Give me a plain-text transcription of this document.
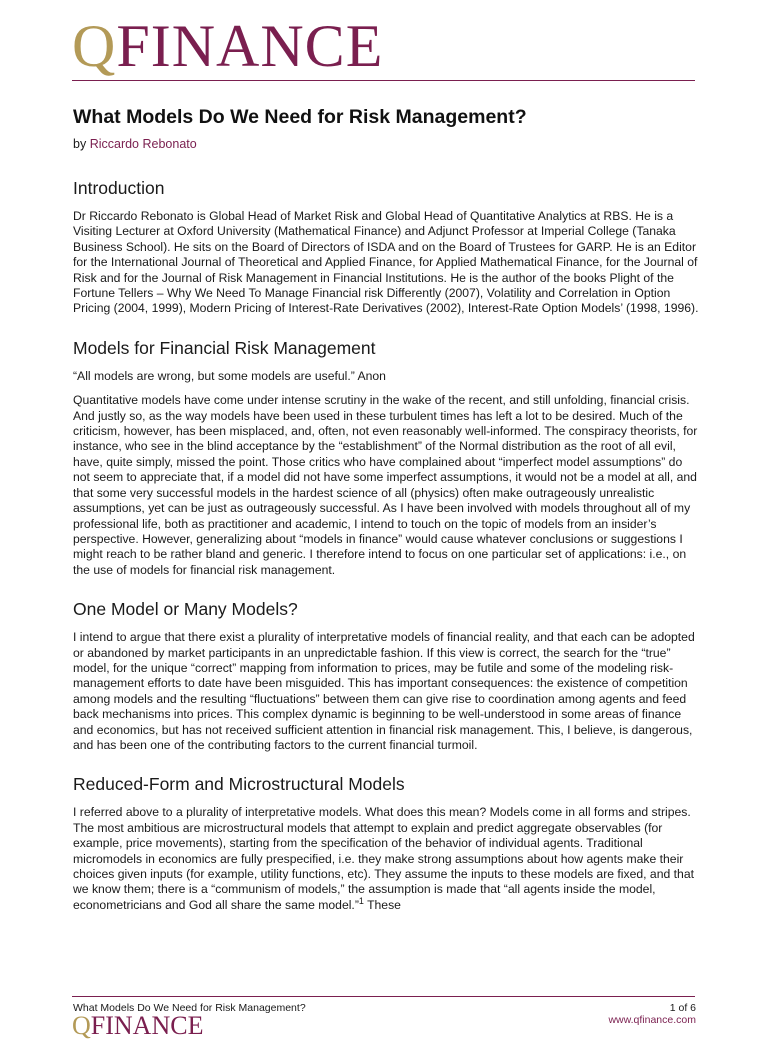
QFINANCE
What Models Do We Need for Risk Management?
by Riccardo Rebonato
Introduction

Dr Riccardo Rebonato is Global Head of Market Risk and Global Head of Quantitative Analytics at RBS. He is a Visiting Lecturer at Oxford University (Mathematical Finance) and Adjunct Professor at Imperial College (Tanaka Business School). He sits on the Board of Directors of ISDA and on the Board of Trustees for GARP. He is an Editor for the International Journal of Theoretical and Applied Finance, for Applied Mathematical Finance, for the Journal of Risk and for the Journal of Risk Management in Financial Institutions. He is the author of the books Plight of the Fortune Tellers – Why We Need To Manage Financial risk Differently (2007), Volatility and Correlation in Option Pricing (2004, 1999), Modern Pricing of Interest-Rate Derivatives (2002), Interest-Rate Option Models’ (1998, 1996).

Models for Financial Risk Management

“All models are wrong, but some models are useful.” Anon

Quantitative models have come under intense scrutiny in the wake of the recent, and still unfolding, financial crisis. And justly so, as the way models have been used in these turbulent times has left a lot to be desired. Much of the criticism, however, has been misplaced, and, often, not even reasonably well-informed. The conspiracy theorists, for instance, who see in the blind acceptance by the “establishment” of the Normal distribution as the root of all evil, have, quite simply, missed the point. Those critics who have complained about “imperfect model assumptions” do not seem to appreciate that, if a model did not have some imperfect assumptions, it would not be a model at all, and that some very successful models in the hardest science of all (physics) often make outrageously unrealistic assumptions, yet can be just as outrageously successful. As I have been involved with models throughout all of my professional life, both as practitioner and academic, I intend to touch on the topic of models from an insider’s perspective. However, generalizing about “models in finance” would cause whatever conclusions or suggestions I might reach to be rather bland and generic. I therefore intend to focus on one particular set of applications: i.e., on the use of models for financial risk management.

One Model or Many Models?

I intend to argue that there exist a plurality of interpretative models of financial reality, and that each can be adopted or abandoned by market participants in an unpredictable fashion. If this view is correct, the search for the “true” model, for the unique “correct” mapping from information to prices, may be futile and some of the modeling risk-management efforts to date have been misguided. This has important consequences: the existence of competition among models and the resulting “fluctuations” between them can give rise to coordination among agents and feed back mechanisms into prices. This complex dynamic is beginning to be well-understood in some areas of finance and economics, but has not received sufficient attention in financial risk management. This, I believe, is dangerous, and has been one of the contributing factors to the current financial turmoil.

Reduced-Form and Microstructural Models

I referred above to a plurality of interpretative models. What does this mean? Models come in all forms and stripes. The most ambitious are microstructural models that attempt to explain and predict aggregate observables (for example, price movements), starting from the specification of the behavior of individual agents. Traditional micromodels in economics are fully prespecified, i.e. they make strong assumptions about how agents make their choices given inputs (for example, utility functions, etc). They assume the inputs to these models are fixed, and that we know them; there is a “communism of models,” the assumption is made that “all agents inside the model, econometricians and God all share the same model.”$^1$ These

What Models Do We Need for Risk Management?	1 of 6
QFINANCE	www.qfinance.com
